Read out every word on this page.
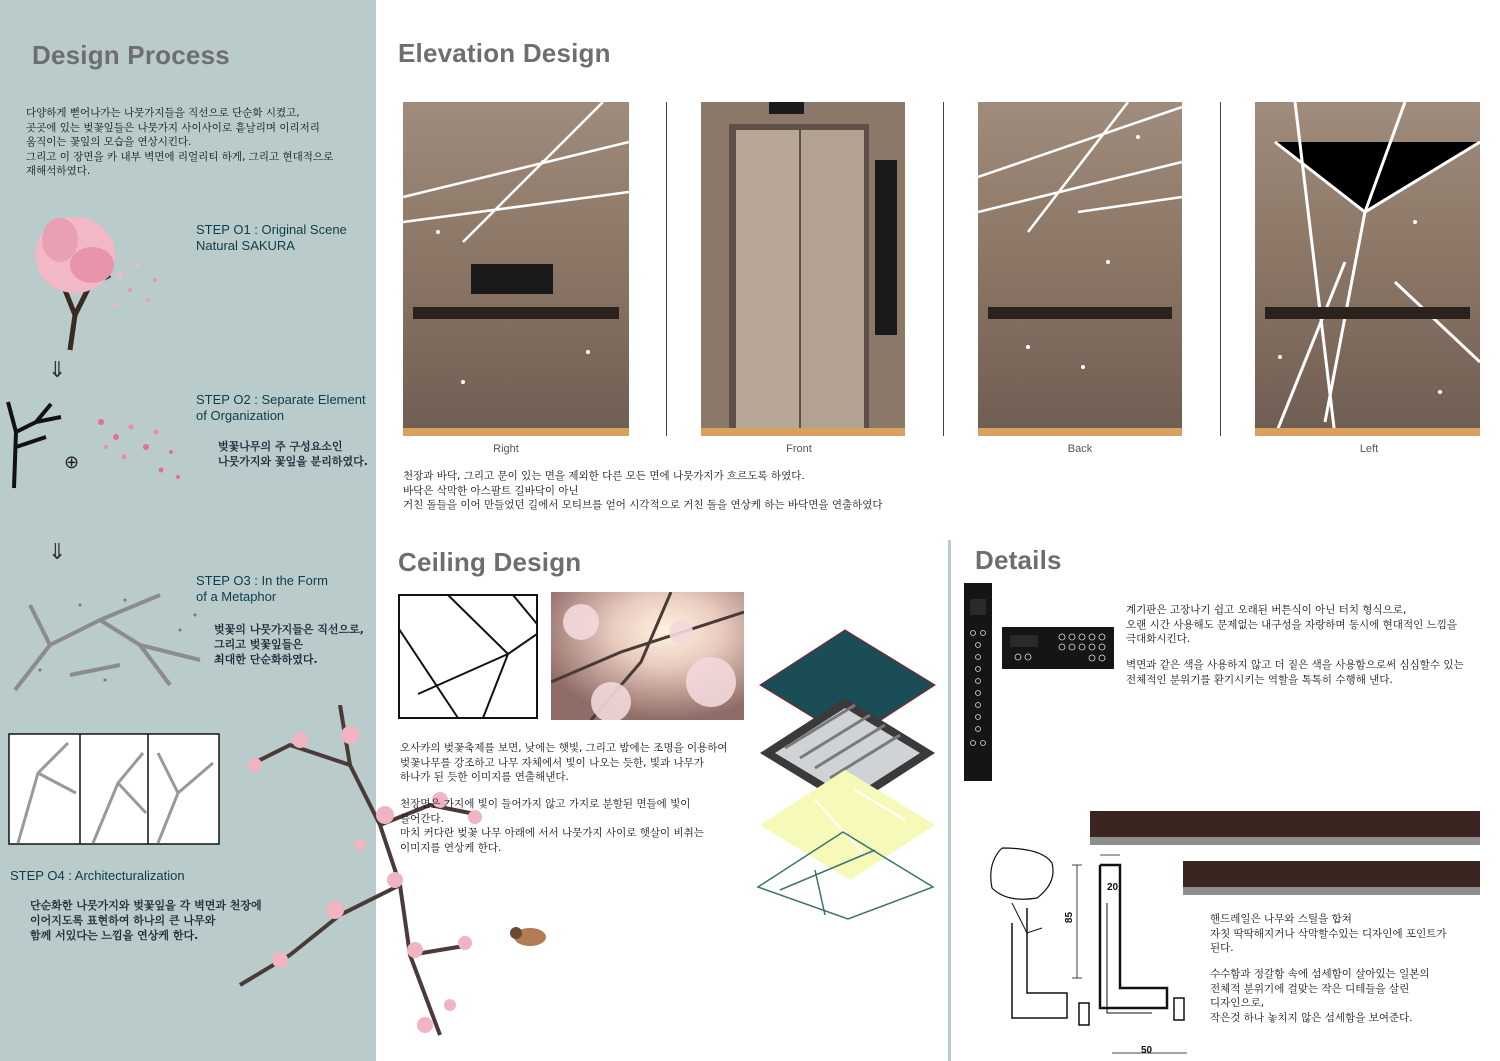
Design Process
다양하게 뻗어나가는 나뭇가지들을 직선으로 단순화 시켰고,
곳곳에 있는 벚꽃잎들은 나뭇가지 사이사이로 흩날리며 이리저리
움직이는 꽃잎의 모습을 연상시킨다.
그리고 이 장면을 카 내부 벽면에 리얼리티 하게, 그리고 현대적으로
재해석하였다.
STEP O1 : Original Scene
Natural SAKURA
⇓
⊕
STEP O2 : Separate Element
of Organization
벚꽃나무의 주 구성요소인
나뭇가지와 꽃잎을 분리하였다.
⇓
STEP O3 : In the Form
of a Metaphor
벚꽃의 나뭇가지들은 직선으로,
그리고 벚꽃잎들은
최대한 단순화하였다.
STEP O4 : Architecturalization
단순화한 나뭇가지와 벚꽃잎을 각 벽면과 천장에
이어지도록 표현하여 하나의 큰 나무와
함께 서있다는 느낌을 연상케 한다.
Elevation Design
Right	Front	Back	Left
천장과 바닥, 그리고 문이 있는 면을 제외한 다른 모든 면에 나뭇가지가 흐르도록 하였다.
바닥은 삭막한 아스팔트 길바닥이 아닌
거친 돌들을 이어 만들었던 길에서 모티브를 얻어 시각적으로 거친 돌을 연상케 하는 바닥면을 연출하였다
Ceiling Design
오사카의 벚꽃축제를 보면, 낮에는 햇빛, 그리고 밤에는 조명을 이용하여
벚꽃나무를 강조하고 나무 자체에서 빛이 나오는 듯한, 빛과 나무가
하나가 된 듯한 이미지를 연출해낸다.
천장면은 가지에 빛이 들어가지 않고 가지로 분할된 면들에 빛이
들어간다.
마치 커다란 벚꽃 나무 아래에 서서 나뭇가지 사이로 햇살이 비취는
이미지를 연상케 한다.
Details
계기판은 고장나기 쉽고 오래된 버튼식이 아닌 터치 형식으로,
오랜 시간 사용해도 문제없는 내구성을 자랑하며 동시에 현대적인 느낌을
극대화시킨다.
벽면과 같은 색을 사용하지 않고 더 짙은 색을 사용함으로써 심심할수 있는
전체적인 분위기를 환기시키는 역할을 톡톡히 수행해 낸다.
85
20
50
핸드레일은 나무와 스틸을 합쳐
자칫 딱딱해지거나 삭막할수있는 디자인에 포인트가
된다.
수수함과 정갈함 속에 섬세함이 살아있는 일본의
전체적 분위기에 걸맞는 작은 디테들을 살린
디자인으로,
작은것 하나 놓치지 않은 섬세함을 보여준다.
